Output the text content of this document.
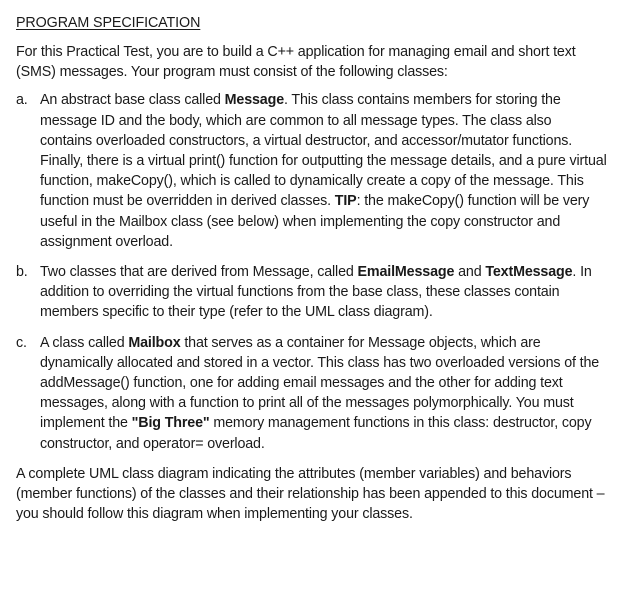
PROGRAM SPECIFICATION

For this Practical Test, you are to build a C++ application for managing email and short text (SMS) messages. Your program must consist of the following classes:

a. An abstract base class called Message. This class contains members for storing the message ID and the body, which are common to all message types. The class also contains overloaded constructors, a virtual destructor, and accessor/mutator functions. Finally, there is a virtual print() function for outputting the message details, and a pure virtual function, makeCopy(), which is called to dynamically create a copy of the message. This function must be overridden in derived classes. TIP: the makeCopy() function will be very useful in the Mailbox class (see below) when implementing the copy constructor and assignment overload.
b. Two classes that are derived from Message, called EmailMessage and TextMessage. In addition to overriding the virtual functions from the base class, these classes contain members specific to their type (refer to the UML class diagram).
c. A class called Mailbox that serves as a container for Message objects, which are dynamically allocated and stored in a vector. This class has two overloaded versions of the addMessage() function, one for adding email messages and the other for adding text messages, along with a function to print all of the messages polymorphically. You must implement the "Big Three" memory management functions in this class: destructor, copy constructor, and operator= overload.

A complete UML class diagram indicating the attributes (member variables) and behaviors (member functions) of the classes and their relationship has been appended to this document – you should follow this diagram when implementing your classes.
